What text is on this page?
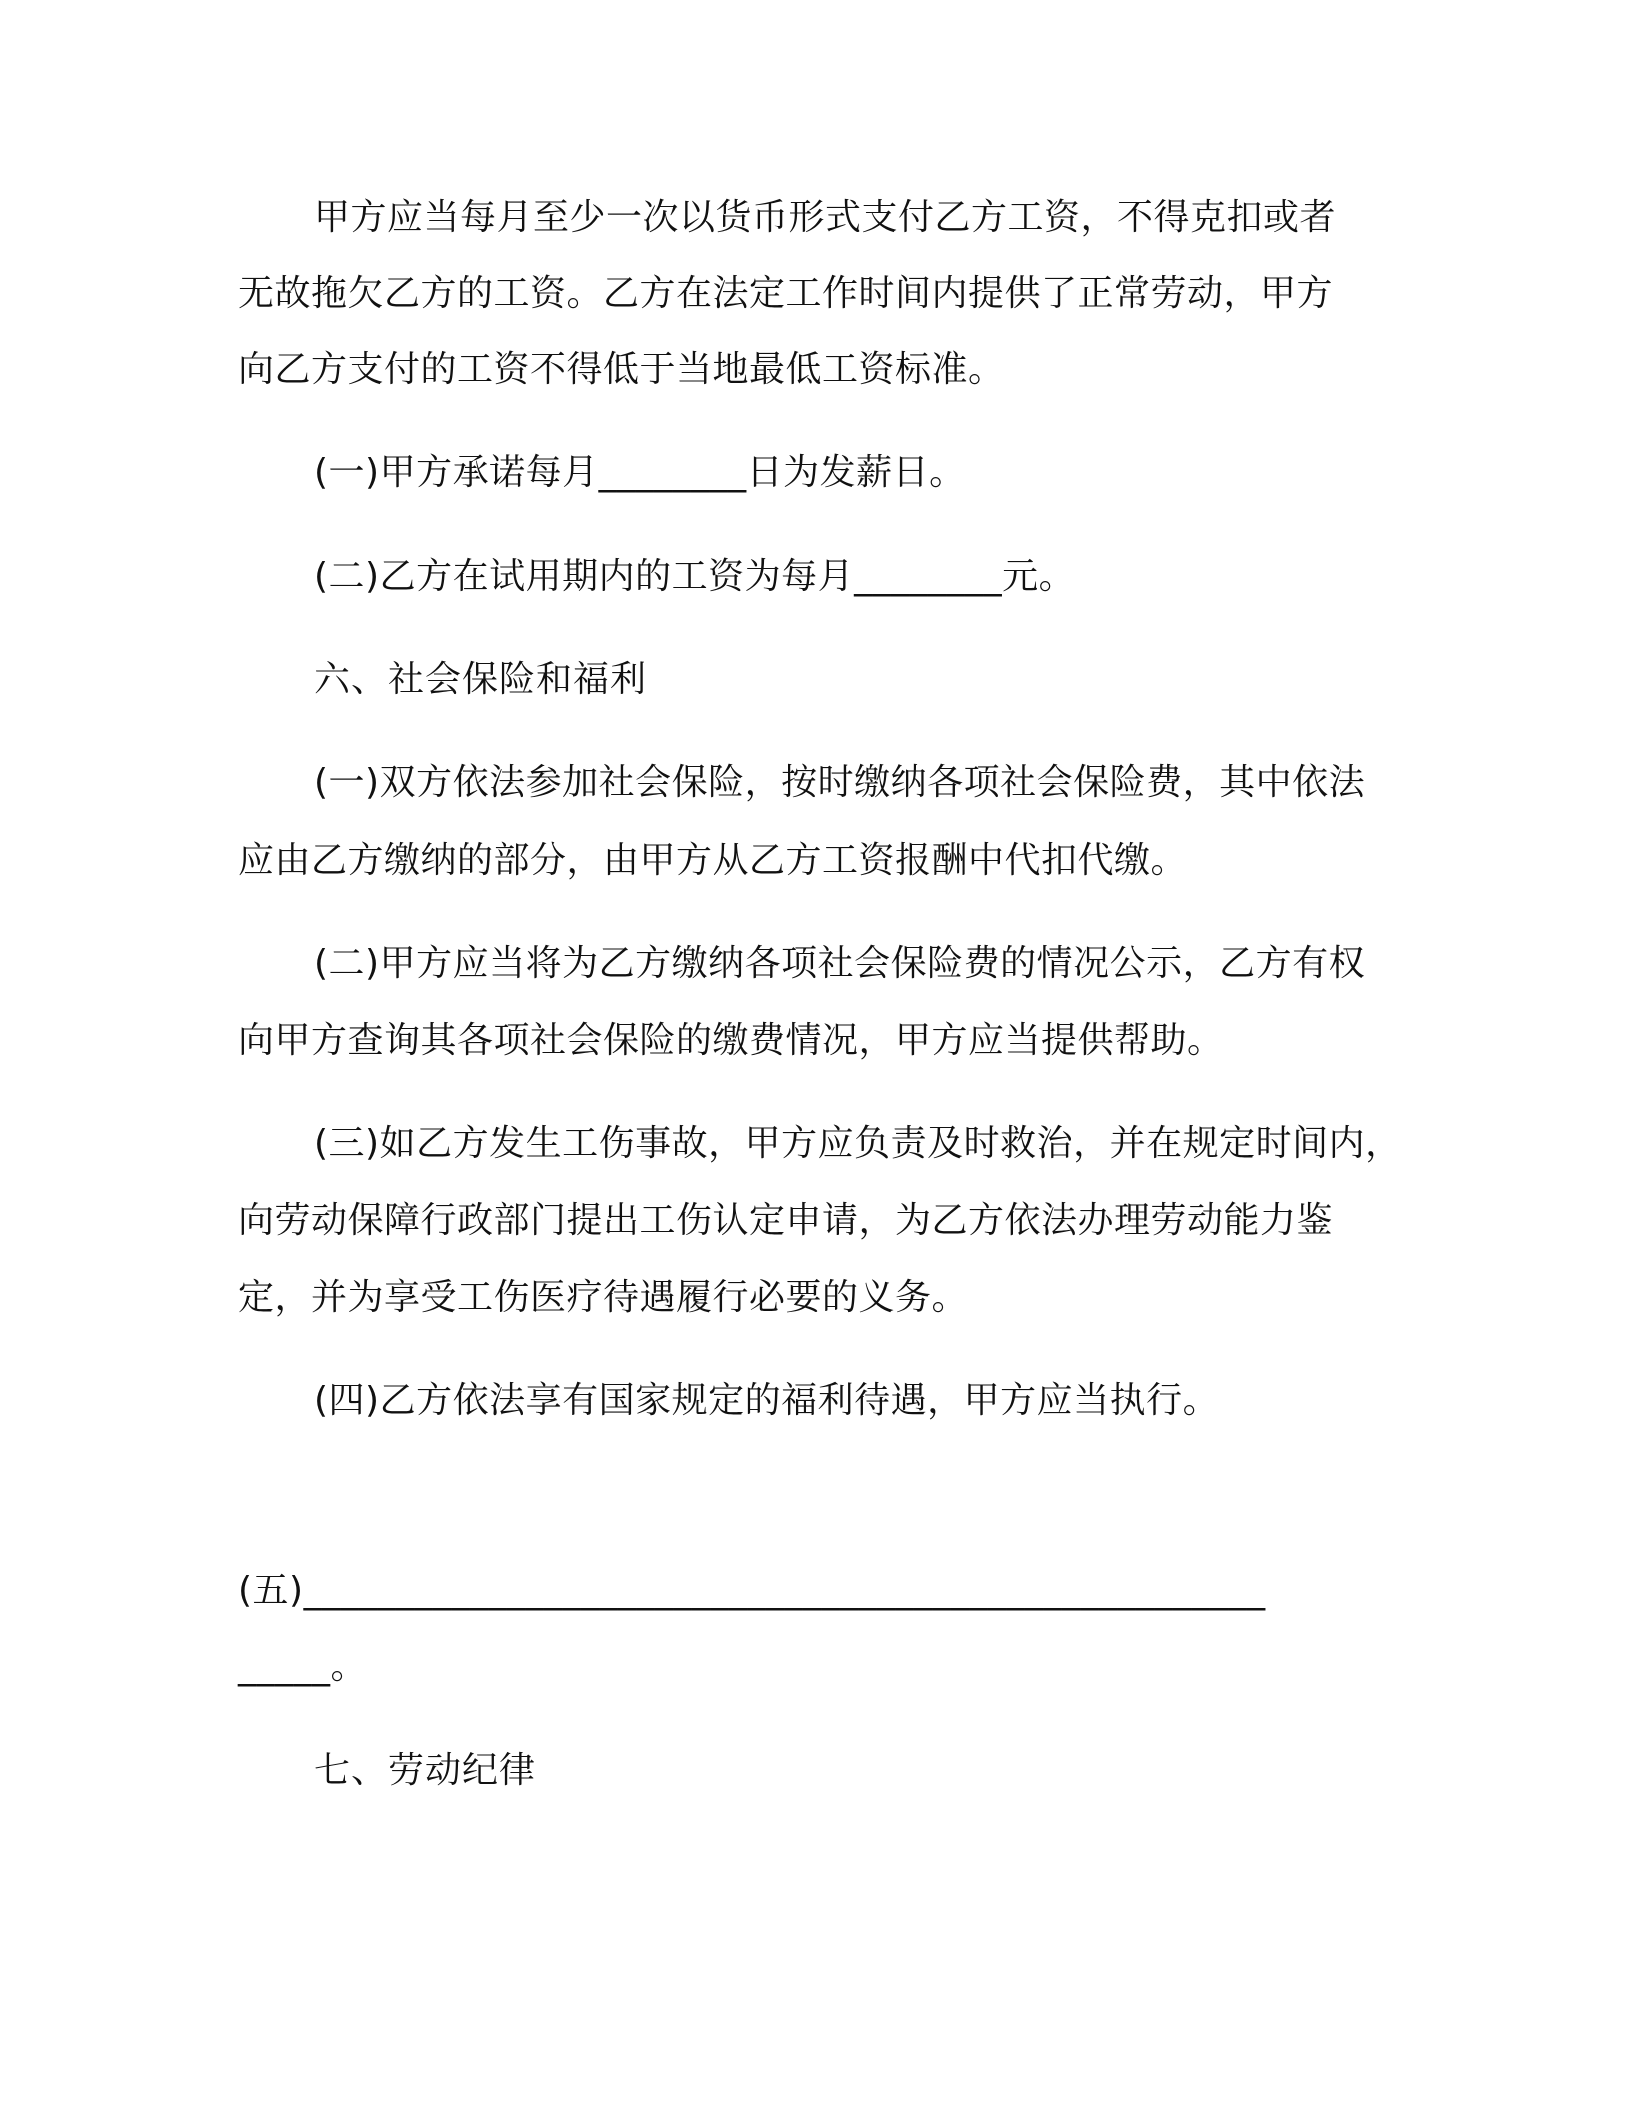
甲方应当每月至少一次以货币形式支付乙方工资，不得克扣或者
无故拖欠乙方的工资。乙方在法定工作时间内提供了正常劳动，甲方
向乙方支付的工资不得低于当地最低工资标准。
(一)甲方承诺每月________日为发薪日。
(二)乙方在试用期内的工资为每月________元。
六、社会保险和福利
(一)双方依法参加社会保险，按时缴纳各项社会保险费，其中依法
应由乙方缴纳的部分，由甲方从乙方工资报酬中代扣代缴。
(二)甲方应当将为乙方缴纳各项社会保险费的情况公示，乙方有权
向甲方查询其各项社会保险的缴费情况，甲方应当提供帮助。
(三)如乙方发生工伤事故，甲方应负责及时救治，并在规定时间内，
向劳动保障行政部门提出工伤认定申请，为乙方依法办理劳动能力鉴
定，并为享受工伤医疗待遇履行必要的义务。
(四)乙方依法享有国家规定的福利待遇，甲方应当执行。
(五)____________________________________________________
_____。
七、劳动纪律
